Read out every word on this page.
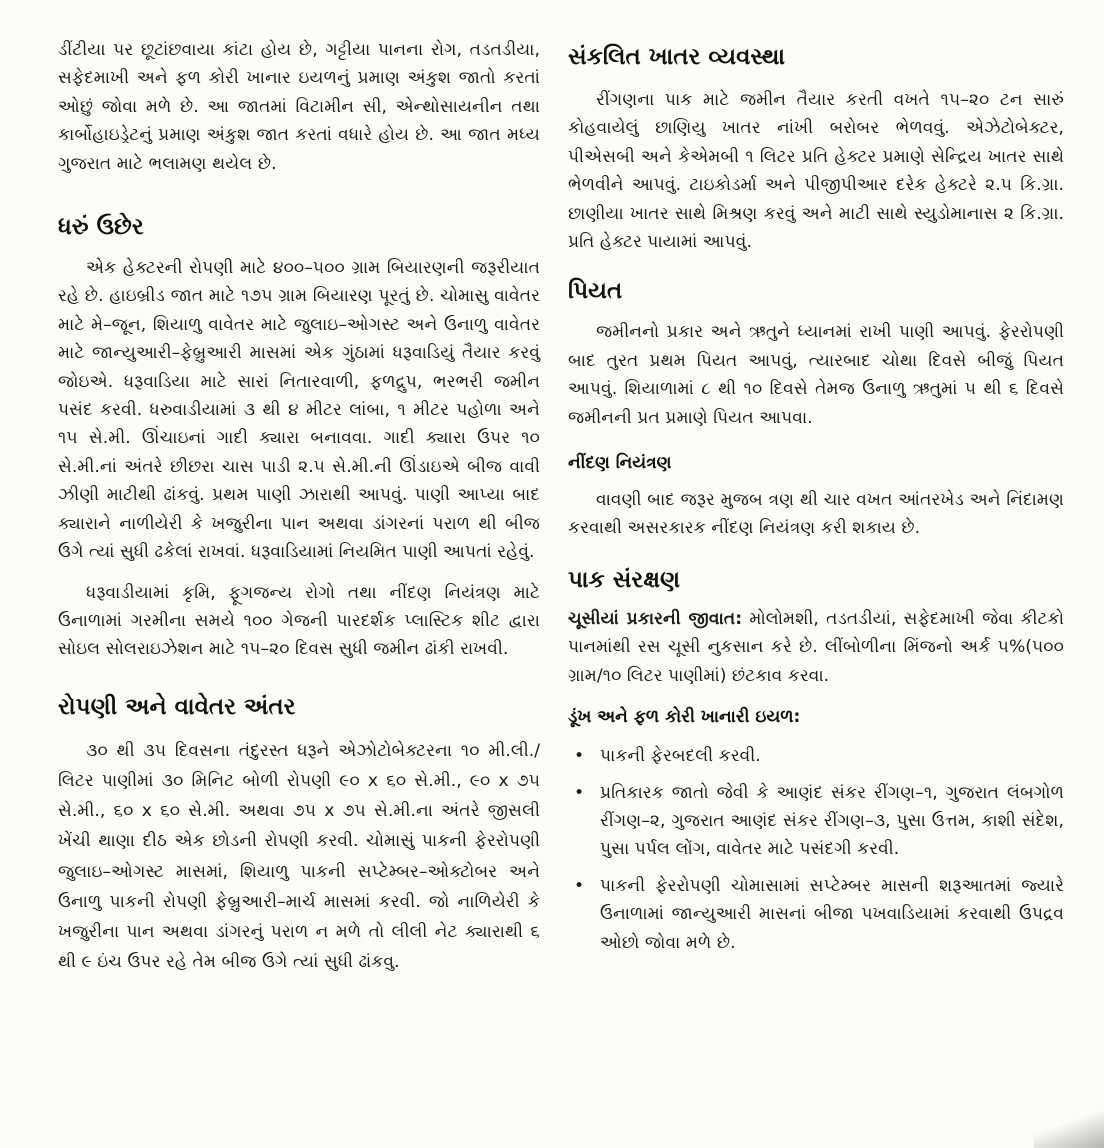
ડીંટીયા પર છૂટાંછવાયા કાંટા હોય છે, ગટ્ટીયા પાનના રોગ, તડતડીયા, સફેદમાખી અને ફળ કોરી ખાનાર ઇયળનું પ્રમાણ અંકુશ જાતો કરતાં ઓછું જોવા મળે છે. આ જાતમાં વિટામીન સી, એન્થોસાયનીન તથા કાર્બોહાઇડ્રેટનું પ્રમાણ અંકુશ જાત કરતાં વધારે હોય છે. આ જાત મધ્ય ગુજરાત માટે ભલામણ થયેલ છે.

ધરું ઉછેર

એક હેક્ટરની રોપણી માટે ૪૦૦–૫૦૦ ગ્રામ બિયારણની જરૂરીયાત રહે છે. હાઇબ્રીડ જાત માટે ૧૭૫ ગ્રામ બિયારણ પૂરતું છે. ચોમાસુ વાવેતર માટે મે–જૂન, શિયાળુ વાવેતર માટે જુલાઇ–ઓગસ્ટ અને ઉનાળુ વાવેતર માટે જાન્યુઆરી–ફેબ્રુઆરી માસમાં એક ગુંઠામાં ધરૂવાડિયું તૈયાર કરવું જોઇએ. ધરૂવાડિયા માટે સારાં નિતારવાળી, ફળદ્રુપ, ભરભરી જમીન પસંદ કરવી. ધરુવાડીયામાં ૩ થી ૪ મીટર લાંબા, ૧ મીટર પહોળા અને ૧૫ સે.મી. ઊંચાઇનાં ગાદી ક્યારા બનાવવા. ગાદી ક્યારા ઉપર ૧૦ સે.મી.નાં અંતરે છીછરા ચાસ પાડી ૨.૫ સે.મી.ની ઊંડાઇએ બીજ વાવી ઝીણી માટીથી ઢાંકવું. પ્રથમ પાણી ઝારાથી આપવું. પાણી આપ્યા બાદ ક્યારાને નાળીયેરી કે ખજુરીના પાન અથવા ડાંગરનાં પરાળ થી બીજ ઉગે ત્યાં સુધી ઢકેલાં રાખવાં. ધરૂવાડિયામાં નિયમિત પાણી આપતાં રહેવું.

ધરૂવાડીયામાં કૃમિ, ફૂગજન્ય રોગો તથા નીંદણ નિયંત્રણ માટે ઉનાળામાં ગરમીના સમયે ૧૦૦ ગેજની પારદર્શક પ્લાસ્ટિક શીટ દ્વારા સોઇલ સોલરાઇઝેશન માટે ૧૫–૨૦ દિવસ સુધી જમીન ઢાંકી રાખવી.

રોપણી અને વાવેતર અંતર

૩૦ થી ૩૫ દિવસના તંદુરસ્ત ધરૂને એઝોટોબેક્ટરના ૧૦ મી.લી./લિટર પાણીમાં ૩૦ મિનિટ બોળી રોપણી ૯૦ x ૬૦ સે.મી., ૯૦ x ૭૫ સે.મી., ૬૦ x ૬૦ સે.મી. અથવા ૭૫ x ૭૫ સે.મી.ના અંતરે જીસલી ખેંચી થાણા દીઠ એક છોડની રોપણી કરવી. ચોમાસું પાકની ફેરરોપણી જુલાઇ–ઓગસ્ટ માસમાં, શિયાળુ પાકની સપ્ટેમ્બર–ઓક્ટોબર અને ઉનાળુ પાકની રોપણી ફેબ્રુઆરી–માર્ચ માસમાં કરવી. જો નાળિયેરી કે ખજુરીના પાન અથવા ડાંગરનું પરાળ ન મળે તો લીલી નેટ ક્યારાથી ૬ થી ૯ ઇંચ ઉપર રહે તેમ બીજ ઉગે ત્યાં સુધી ઢાંકવુ.

સંકલિત ખાતર વ્યવસ્થા

રીંગણના પાક માટે જમીન તૈયાર કરતી વખતે ૧૫–૨૦ ટન સારું કોહવાયેલું છાણિયુ ખાતર નાંખી બરોબર ભેળવવું. એઝેટોબેક્ટર, પીએસબી અને કેએમબી ૧ લિટર પ્રતિ હેક્ટર પ્રમાણે સેન્દ્રિય ખાતર સાથે ભેળવીને આપવું. ટાઇકોડર્મા અને પીજીપીઆર દરેક હેક્ટરે ૨.૫ કિ.ગ્રા. છાણીયા ખાતર સાથે મિશ્રણ કરવું અને માટી સાથે સ્યુડોમાનાસ ૨ કિ.ગ્રા. પ્રતિ હેક્ટર પાયામાં આપવું.

પિયત

જમીનનો પ્રકાર અને ઋતુને ધ્યાનમાં રાખી પાણી આપવું. ફેરરોપણી બાદ તુરત પ્રથમ પિયત આપવું, ત્યારબાદ ચોથા દિવસે બીજું પિયત આપવું. શિયાળામાં ૮ થી ૧૦ દિવસે તેમજ ઉનાળુ ઋતુમાં ૫ થી ૬ દિવસે જમીનની પ્રત પ્રમાણે પિયત આપવા.

નીંદણ નિયંત્રણ

વાવણી બાદ જરૂર મુજબ ત્રણ થી ચાર વખત આંતરખેડ અને નિંદામણ કરવાથી અસરકારક નીંદણ નિયંત્રણ કરી શકાય છે.

પાક સંરક્ષણ

ચૂસીયાં પ્રકારની જીવાત: મોલોમશી, તડતડીયાં, સફેદમાખી જેવા કીટકો પાનમાંથી રસ ચૂસી નુકસાન કરે છે. લીંબોળીના મિંજનો અર્ક ૫%(૫૦૦ ગ્રામ/૧૦ લિટર પાણીમાં) છંટકાવ કરવા.

ડૂંખ અને ફળ કોરી ખાનારી ઇયળ:
• પાકની ફેરબદલી કરવી.
• પ્રતિકારક જાતો જેવી કે આણંદ સંકર રીંગણ–૧, ગુજરાત લંબગોળ રીંગણ–૨, ગુજરાત આણંદ સંકર રીંગણ–૩, પુસા ઉત્તમ, કાશી સંદેશ, પુસા પર્પલ લોંગ, વાવેતર માટે પસંદગી કરવી.
• પાકની ફેરરોપણી ચોમાસામાં સપ્ટેમ્બર માસની શરૂઆતમાં જ્યારે ઉનાળામાં જાન્યુઆરી માસનાં બીજા પખવાડિયામાં કરવાથી ઉપદ્રવ ઓછો જોવા મળે છે.
